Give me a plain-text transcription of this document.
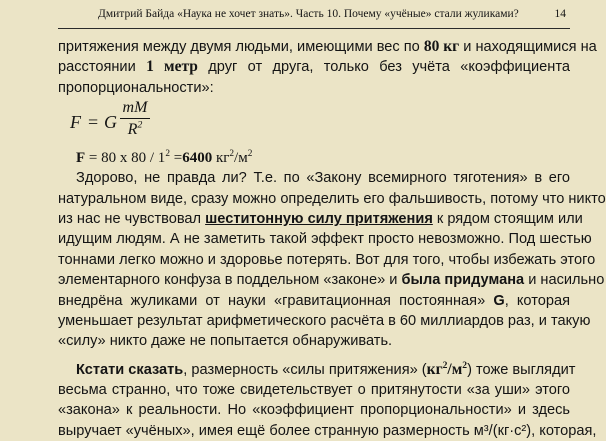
Дмитрий Байда «Наука не хочет знать». Часть 10. Почему «учёные» стали жуликами?	14
притяжения между двумя людьми, имеющими вес по 80 кг и находящимися на
расстоянии 1 метр друг от друга, только без учёта «коэффициента
пропорциональности»:
F = G
mM
$R^2$
F = 80 x $80 / 1^2 =6400$ $кг^2/м^2$
Здорово, не правда ли? Т.е. по «Закону всемирного тяготения» в его
натуральном виде, сразу можно определить его фальшивость, потому что никто
из нас не чувствовал шеститонную силу притяжения к рядом стоящим или
идущим людям. А не заметить такой эффект просто невозможно. Под шестью
тоннами легко можно и здоровье потерять. Вот для того, чтобы избежать этого
элементарного конфуза в поддельном «законе» и была придумана и насильно
внедрёна жуликами от науки «гравитационная постоянная» G, которая
уменьшает результат арифметического расчёта в 60 миллиардов раз, и такую
«силу» никто даже не попытается обнаруживать.
Кстати сказать, размерность «силы притяжения» $(кг^2/м^2)$ тоже выглядит
весьма странно, что тоже свидетельствует о притянутости «за уши» этого
«закона» к реальности. Но «коэффициент пропорциональности» и здесь
выручает «учёных», имея ещё более странную размерность м³/(кг·с²), которая,
